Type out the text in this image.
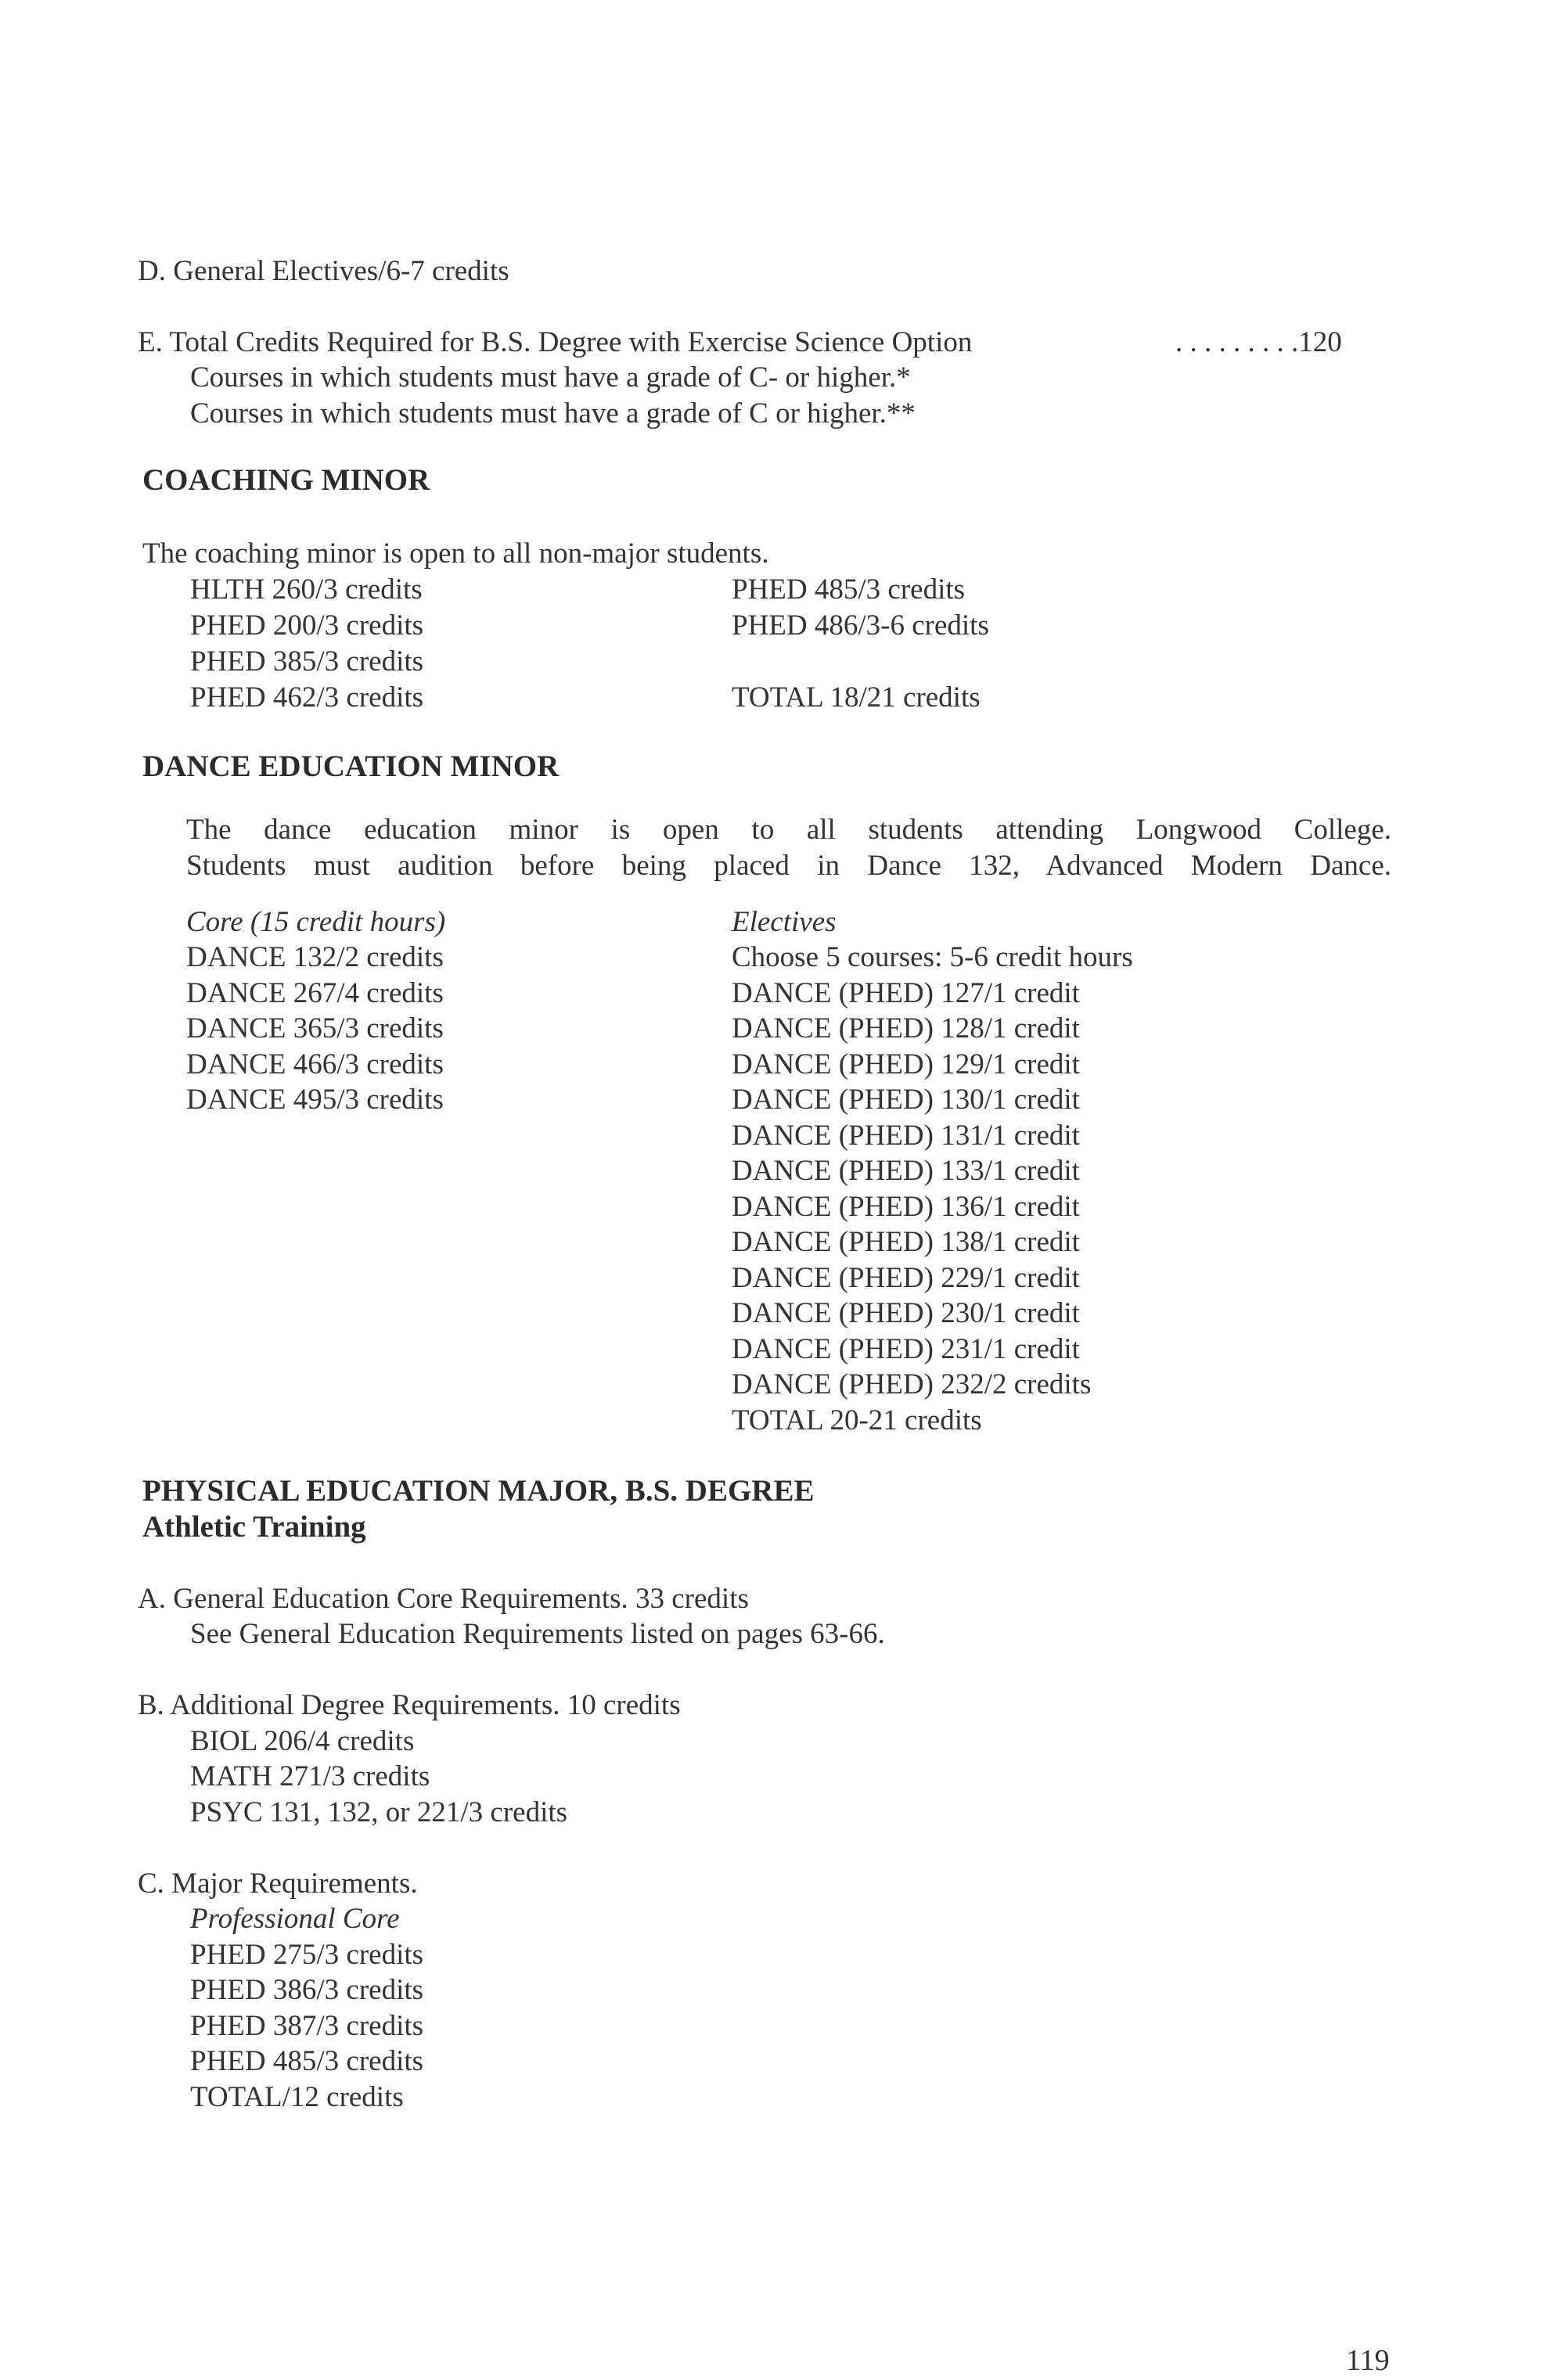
D. General Electives/6-7 credits
E. Total Credits Required for B.S. Degree with Exercise Science Option	. . . . . . . . .120
Courses in which students must have a grade of C- or higher.*
Courses in which students must have a grade of C or higher.**
COACHING MINOR
The coaching minor is open to all non-major students.
HLTH 260/3 credits
PHED 200/3 credits
PHED 385/3 credits
PHED 462/3 credits
PHED 485/3 credits
PHED 486/3-6 credits
TOTAL 18/21 credits
DANCE EDUCATION MINOR
The dance education minor is open to all students attending Longwood College.
Students must audition before being placed in Dance 132, Advanced Modern Dance.
Core (15 credit hours)
DANCE 132/2 credits
DANCE 267/4 credits
DANCE 365/3 credits
DANCE 466/3 credits
DANCE 495/3 credits
Electives
Choose 5 courses: 5-6 credit hours
DANCE (PHED) 127/1 credit
DANCE (PHED) 128/1 credit
DANCE (PHED) 129/1 credit
DANCE (PHED) 130/1 credit
DANCE (PHED) 131/1 credit
DANCE (PHED) 133/1 credit
DANCE (PHED) 136/1 credit
DANCE (PHED) 138/1 credit
DANCE (PHED) 229/1 credit
DANCE (PHED) 230/1 credit
DANCE (PHED) 231/1 credit
DANCE (PHED) 232/2 credits
TOTAL 20-21 credits
PHYSICAL EDUCATION MAJOR, B.S. DEGREE
Athletic Training
A. General Education Core Requirements. 33 credits
See General Education Requirements listed on pages 63-66.
B. Additional Degree Requirements. 10 credits
BIOL 206/4 credits
MATH 271/3 credits
PSYC 131, 132, or 221/3 credits
C. Major Requirements.
Professional Core
PHED 275/3 credits
PHED 386/3 credits
PHED 387/3 credits
PHED 485/3 credits
TOTAL/12 credits
119
